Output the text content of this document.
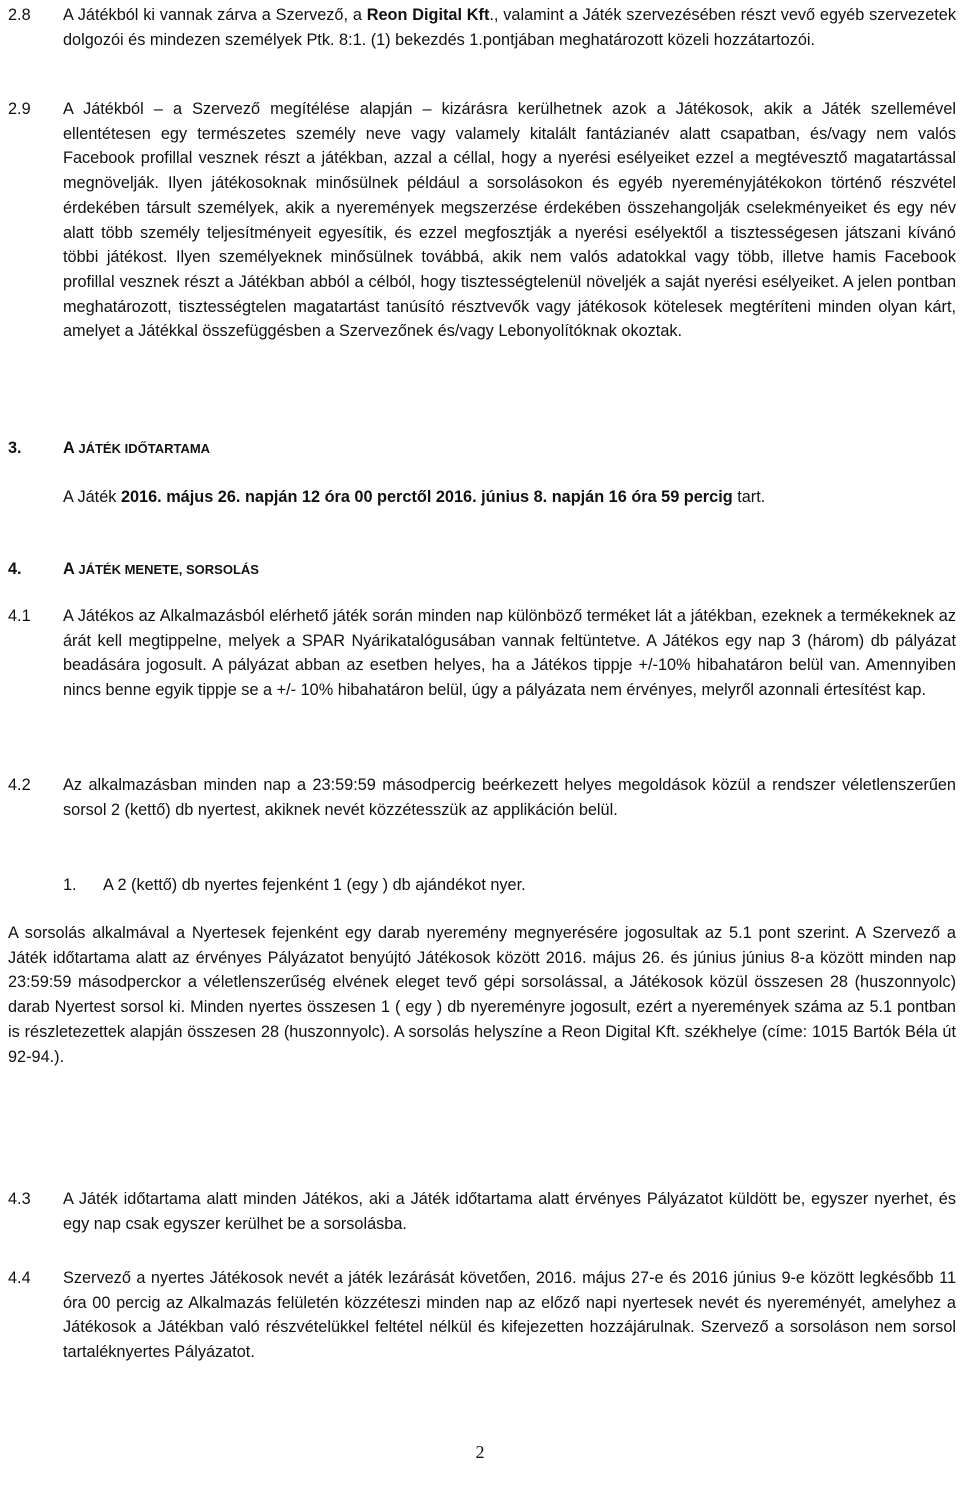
2.8	A Játékból ki vannak zárva a Szervező, a Reon Digital Kft., valamint a Játék szervezésében részt vevő egyéb szervezetek dolgozói és mindezen személyek Ptk. 8:1. (1) bekezdés 1.pontjában meghatározott közeli hozzátartozói.
2.9	A Játékból – a Szervező megítélése alapján – kizárásra kerülhetnek azok a Játékosok, akik a Játék szellemével ellentétesen egy természetes személy neve vagy valamely kitalált fantázianév alatt csapatban, és/vagy nem valós Facebook profillal vesznek részt a játékban, azzal a céllal, hogy a nyerési esélyeiket ezzel a megtévesztő magatartással megnövelják. Ilyen játékosoknak minősülnek például a sorsolásokon és egyéb nyereményjátékokon történő részvétel érdekében társult személyek, akik a nyeremények megszerzése érdekében összehangolják cselekményeiket és egy név alatt több személy teljesítményeit egyesítik, és ezzel megfosztják a nyerési esélyektől a tisztességesen játszani kívánó többi játékost. Ilyen személyeknek minősülnek továbbá, akik nem valós adatokkal vagy több, illetve hamis Facebook profillal vesznek részt a Játékban abból a célból, hogy tisztességtelenül növeljék a saját nyerési esélyeiket. A jelen pontban meghatározott, tisztességtelen magatartást tanúsító résztvevők vagy játékosok kötelesek megtéríteni minden olyan kárt, amelyet a Játékkal összefüggésben a Szervezőnek és/vagy Lebonyolítóknak okoztak.
3.	A JÁTÉK IDŐTARTAMA
A Játék 2016. május 26. napján 12 óra 00 perctől 2016. június 8. napján 16 óra 59 percig tart.
4.	A JÁTÉK MENETE, SORSOLÁS
4.1	A Játékos az Alkalmazásból elérhető játék során minden nap különböző terméket lát a játékban, ezeknek a termékeknek az árát kell megtippelne, melyek a SPAR Nyárikatalógusában vannak feltüntetve. A Játékos egy nap 3 (három) db pályázat beadására jogosult. A pályázat abban az esetben helyes, ha a Játékos tippje +/-10% hibahatáron belül van. Amennyiben nincs benne egyik tippje se a +/- 10% hibahatáron belül, úgy a pályázata nem érvényes, melyről azonnali értesítést kap.
4.2	Az alkalmazásban minden nap a 23:59:59 másodpercig beérkezett helyes megoldások közül a rendszer véletlenszerűen sorsol 2 (kettő) db nyertest, akiknek nevét közzétesszük az applikáción belül.
1.	A 2 (kettő) db nyertes fejenként 1 (egy ) db ajándékot nyer.
A sorsolás alkalmával a Nyertesek fejenként egy darab nyeremény megnyerésére jogosultak az 5.1 pont szerint. A Szervező a Játék időtartama alatt az érvényes Pályázatot benyújtó Játékosok között 2016. május 26. és június június 8-a között minden nap 23:59:59 másodperckor a véletlenszerűség elvének eleget tevő gépi sorsolással, a Játékosok közül összesen 28 (huszonnyolc) darab Nyertest sorsol ki. Minden nyertes összesen 1 ( egy ) db nyereményre jogosult, ezért a nyeremények száma az 5.1 pontban is részletezettek alapján összesen 28 (huszonnyolc). A sorsolás helyszíne a Reon Digital Kft. székhelye (címe: 1015 Bartók Béla út 92-94.).
4.3	A Játék időtartama alatt minden Játékos, aki a Játék időtartama alatt érvényes Pályázatot küldött be, egyszer nyerhet, és egy nap csak egyszer kerülhet be a sorsolásba.
4.4	Szervező a nyertes Játékosok nevét a játék lezárását követően, 2016. május 27-e és 2016 június 9-e között legkésőbb 11 óra 00 percig az Alkalmazás felületén közzéteszi minden nap az előző napi nyertesek nevét és nyereményét, amelyhez a Játékosok a Játékban való részvételükkel feltétel nélkül és kifejezetten hozzájárulnak. Szervező a sorsoláson nem sorsol tartaléknyertes Pályázatot.
2
